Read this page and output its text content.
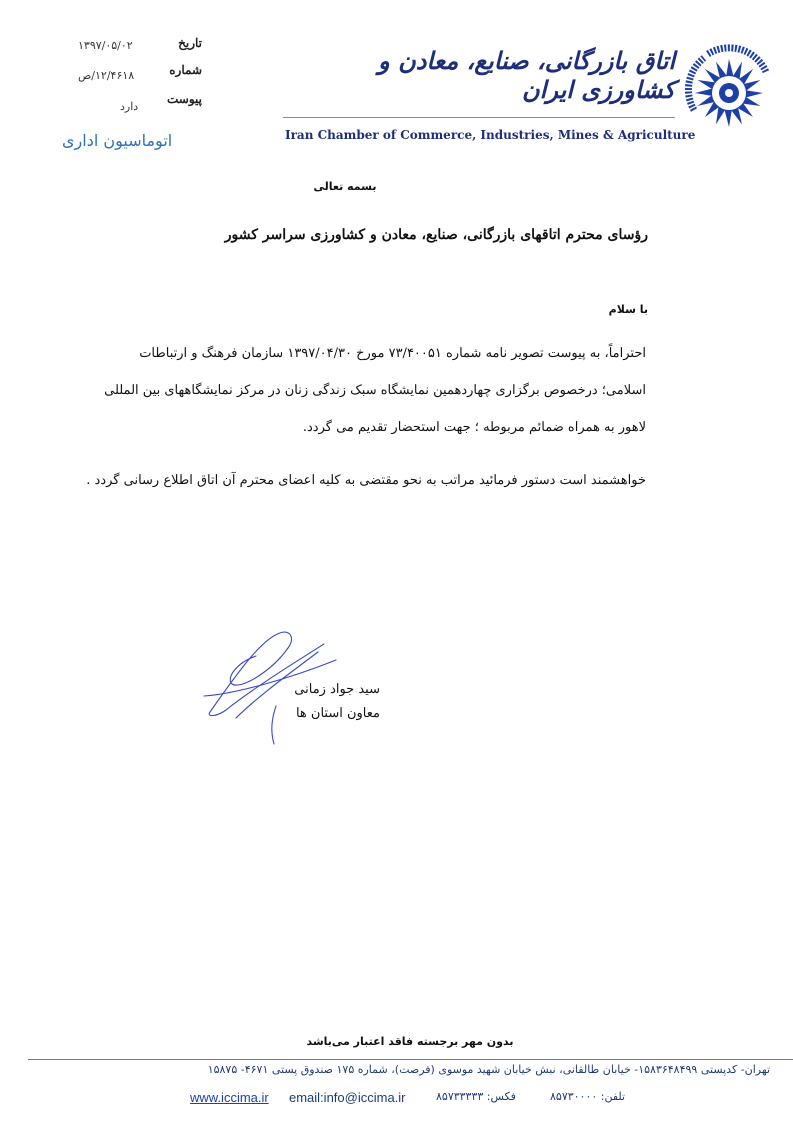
تاریخ
۱۳۹۷/۰۵/۰۲
شماره
۱۲/۴۶۱۸/ص
پیوست
دارد
اتوماسیون اداری
اتاق بازرگانی، صنایع، معادن و کشاورزی ایران
Iran Chamber of Commerce, Industries, Mines & Agriculture
بسمه تعالی
رؤسای محترم اتاقهای بازرگانی، صنایع، معادن و کشاورزی سراسر کشور
با سلام
احتراماً، به پیوست تصویر نامه شماره ۷۳/۴۰۰۵۱ مورخ ۱۳۹۷/۰۴/۳۰ سازمان فرهنگ و ارتباطات
اسلامی؛ درخصوص برگزاری چهاردهمین نمایشگاه سبک زندگی زنان در مرکز نمایشگاههای بین المللی
لاهور به همراه ضمائم مربوطه ؛ جهت استحضار تقدیم می گردد.
خواهشمند است دستور فرمائید مراتب به نحو مقتضی به کلیه اعضای محترم آن اتاق اطلاع رسانی گردد .
سید جواد زمانی
معاون استان ها
بدون مهر برجسته فاقد اعتبار می‌باشد
تهران- کدپستی ۱۵۸۳۶۴۸۴۹۹- خیابان طالقانی، نبش خیابان شهید موسوی (فرصت)، شماره ۱۷۵ صندوق پستی ۴۶۷۱- ۱۵۸۷۵
www.iccima.ir email:info@iccima.ir	فکس: ۸۵۷۳۳۳۳۳	تلفن: ۸۵۷۳۰۰۰۰
